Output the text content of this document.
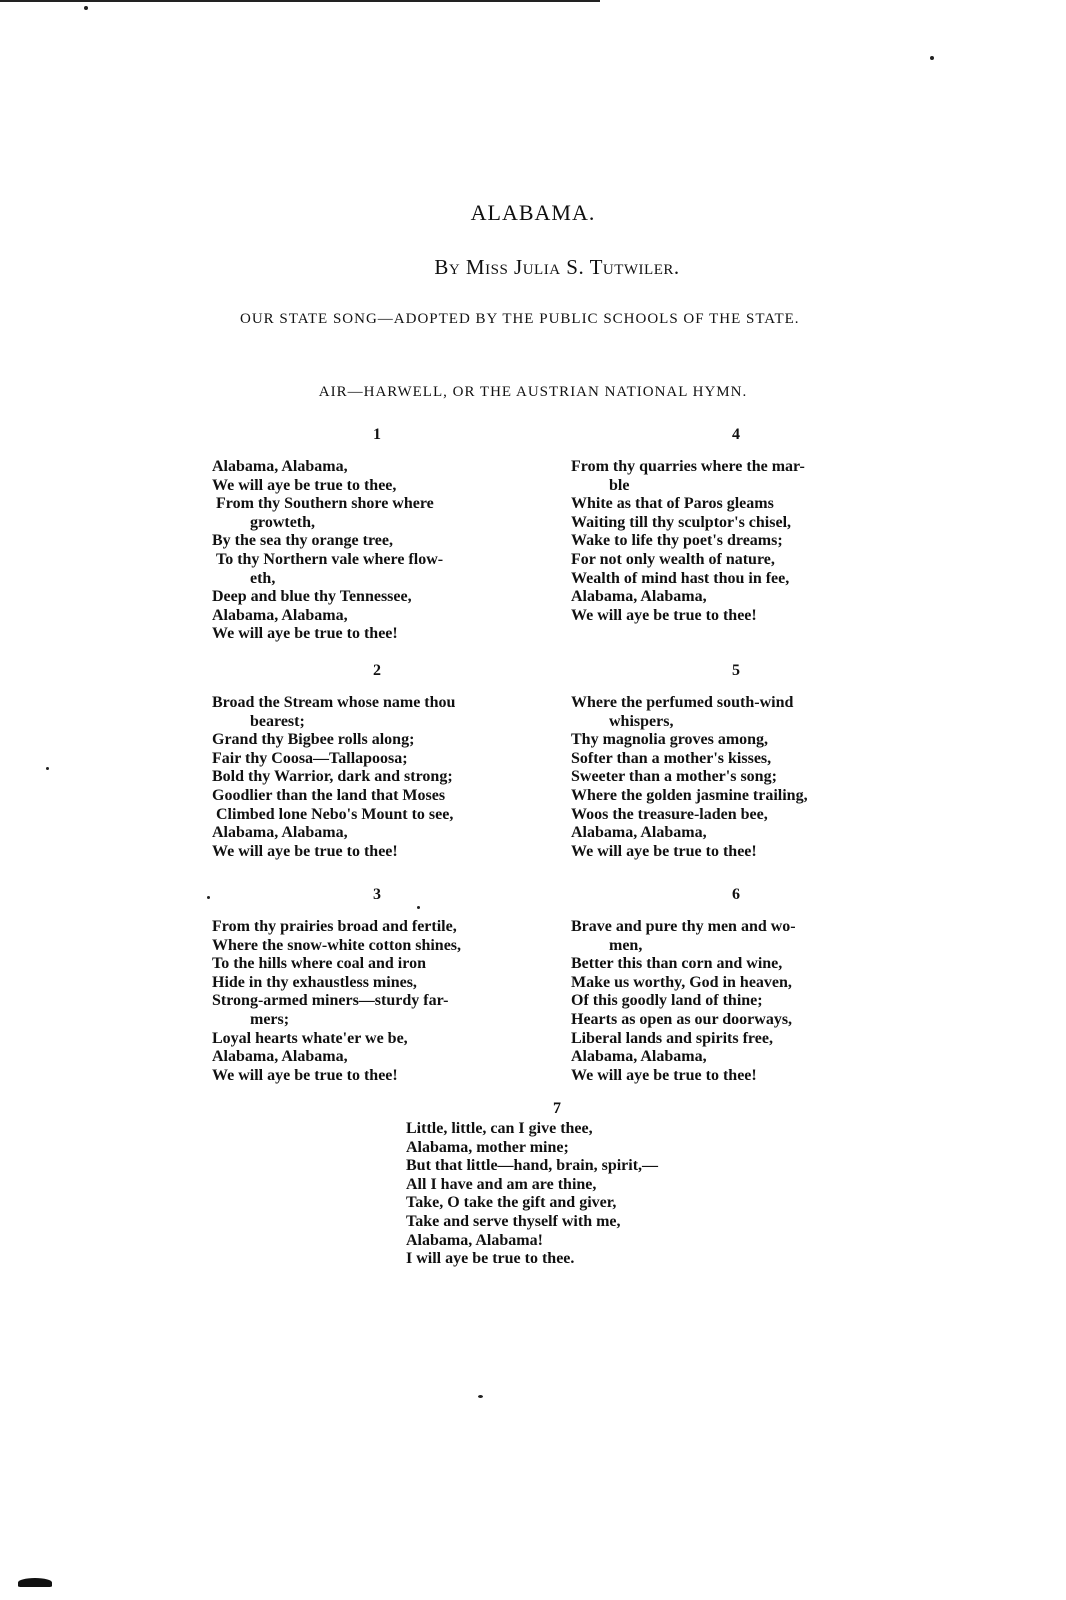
ALABAMA.
By Miss Julia S. Tutwiler.
OUR STATE SONG—ADOPTED BY THE PUBLIC SCHOOLS OF THE STATE.
AIR—HARWELL, OR THE AUSTRIAN NATIONAL HYMN.
1
Alabama, Alabama,
We will aye be true to thee,
From thy Southern shore where
growteth,
By the sea thy orange tree,
To thy Northern vale where flow-
eth,
Deep and blue thy Tennessee,
Alabama, Alabama,
We will aye be true to thee!
2
Broad the Stream whose name thou
bearest;
Grand thy Bigbee rolls along;
Fair thy Coosa—Tallapoosa;
Bold thy Warrior, dark and strong;
Goodlier than the land that Moses
Climbed lone Nebo's Mount to see,
Alabama, Alabama,
We will aye be true to thee!
3
From thy prairies broad and fertile,
Where the snow-white cotton shines,
To the hills where coal and iron
Hide in thy exhaustless mines,
Strong-armed miners—sturdy far-
mers;
Loyal hearts whate'er we be,
Alabama, Alabama,
We will aye be true to thee!
4
From thy quarries where the mar-
ble
White as that of Paros gleams
Waiting till thy sculptor's chisel,
Wake to life thy poet's dreams;
For not only wealth of nature,
Wealth of mind hast thou in fee,
Alabama, Alabama,
We will aye be true to thee!
5
Where the perfumed south-wind
whispers,
Thy magnolia groves among,
Softer than a mother's kisses,
Sweeter than a mother's song;
Where the golden jasmine trailing,
Woos the treasure-laden bee,
Alabama, Alabama,
We will aye be true to thee!
6
Brave and pure thy men and wo-
men,
Better this than corn and wine,
Make us worthy, God in heaven,
Of this goodly land of thine;
Hearts as open as our doorways,
Liberal lands and spirits free,
Alabama, Alabama,
We will aye be true to thee!
7
Little, little, can I give thee,
Alabama, mother mine;
But that little—hand, brain, spirit,—
All I have and am are thine,
Take, O take the gift and giver,
Take and serve thyself with me,
Alabama, Alabama!
I will aye be true to thee.
